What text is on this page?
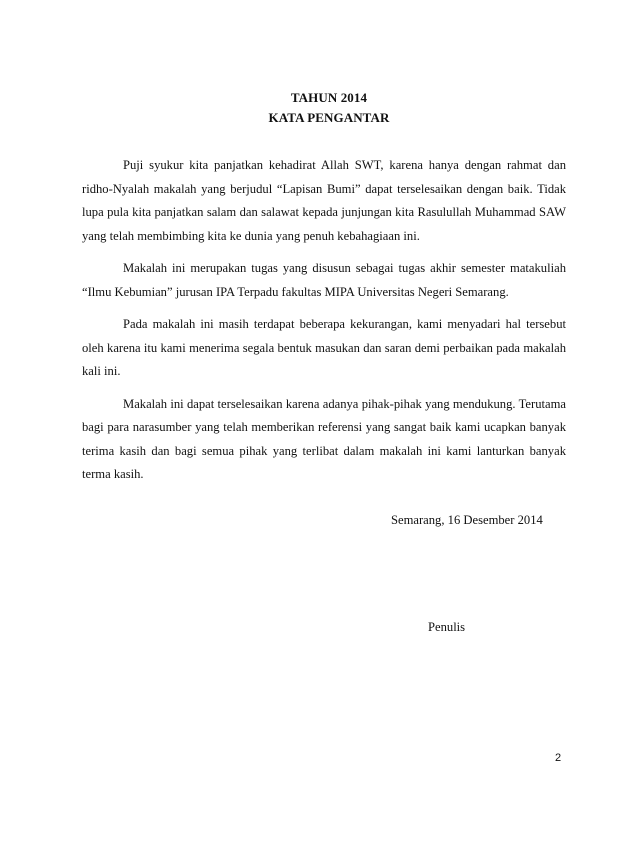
TAHUN 2014
KATA PENGANTAR

Puji syukur kita panjatkan kehadirat Allah SWT, karena hanya dengan rahmat dan ridho-Nyalah makalah yang berjudul “Lapisan Bumi” dapat terselesaikan dengan baik. Tidak lupa pula kita panjatkan salam dan salawat kepada junjungan kita Rasulullah Muhammad SAW yang telah membimbing kita ke dunia yang penuh kebahagiaan ini.

Makalah ini merupakan tugas yang disusun sebagai tugas akhir semester matakuliah “Ilmu Kebumian” jurusan IPA Terpadu fakultas MIPA Universitas Negeri Semarang.

Pada makalah ini masih terdapat beberapa kekurangan, kami menyadari hal tersebut oleh karena itu kami menerima segala bentuk masukan dan saran demi perbaikan pada makalah kali ini.

Makalah ini dapat terselesaikan karena adanya pihak-pihak yang mendukung. Terutama bagi para narasumber yang telah memberikan referensi yang sangat baik kami ucapkan banyak terima kasih dan bagi semua pihak yang terlibat dalam makalah ini kami lanturkan banyak terma kasih.

Semarang, 16 Desember 2014
Penulis
2
